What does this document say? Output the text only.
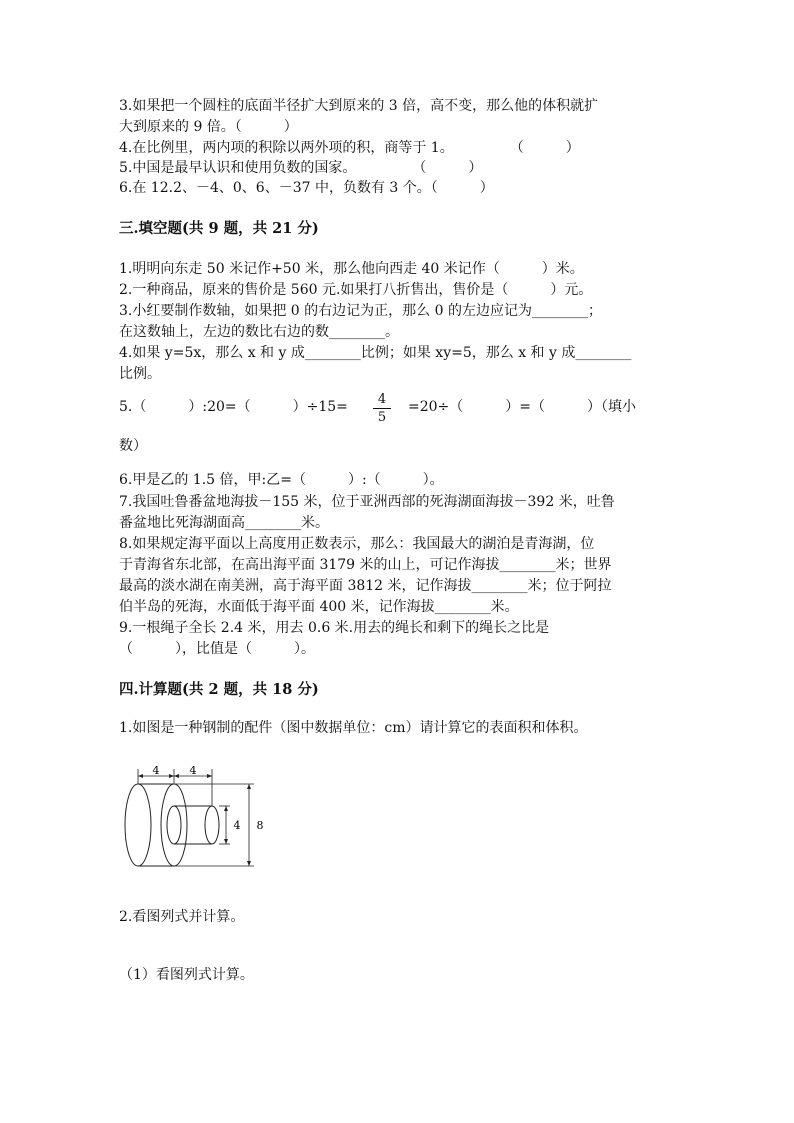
3.如果把一个圆柱的底面半径扩大到原来的 3 倍，高不变，那么他的体积就扩
大到原来的 9 倍。（　　　）
4.在比例里，两内项的积除以两外项的积，商等于 1。　　　　　（　　　）
5.中国是最早认识和使用负数的国家。　　　　　（　　　）
6.在 12.2、－4、0、6、－37 中，负数有 3 个。（　　　）
三.填空题(共 9 题，共 21 分)
1.明明向东走 50 米记作+50 米，那么他向西走 40 米记作（　　　）米。
2.一种商品，原来的售价是 560 元.如果打八折售出，售价是（　　　）元。
3.小红要制作数轴，如果把 0 的右边记为正，那么 0 的左边应记为________；
在这数轴上，左边的数比右边的数________。
4.如果 y=5x，那么 x 和 y 成________比例；如果 xy=5，那么 x 和 y 成________
比例。
5.（　　　）:20=（　　　）÷15=	4
5
=20÷（　　　）=（　　　）（填小
数）
6.甲是乙的 1.5 倍，甲:乙=（　　　）:（　　　）。
7.我国吐鲁番盆地海拔－155 米，位于亚洲西部的死海湖面海拔－392 米，吐鲁
番盆地比死海湖面高________米。
8.如果规定海平面以上高度用正数表示，那么：我国最大的湖泊是青海湖，位
于青海省东北部，在高出海平面 3179 米的山上，可记作海拔________米；世界
最高的淡水湖在南美洲，高于海平面 3812 米，记作海拔________米；位于阿拉
伯半岛的死海，水面低于海平面 400 米，记作海拔________米。
9.一根绳子全长 2.4 米，用去 0.6 米.用去的绳长和剩下的绳长之比是
（　　　），比值是（　　　）。
四.计算题(共 2 题，共 18 分)
1.如图是一种钢制的配件（图中数据单位：cm）请计算它的表面积和体积。
4	4
4 8
2.看图列式并计算。
（1）看图列式计算。
